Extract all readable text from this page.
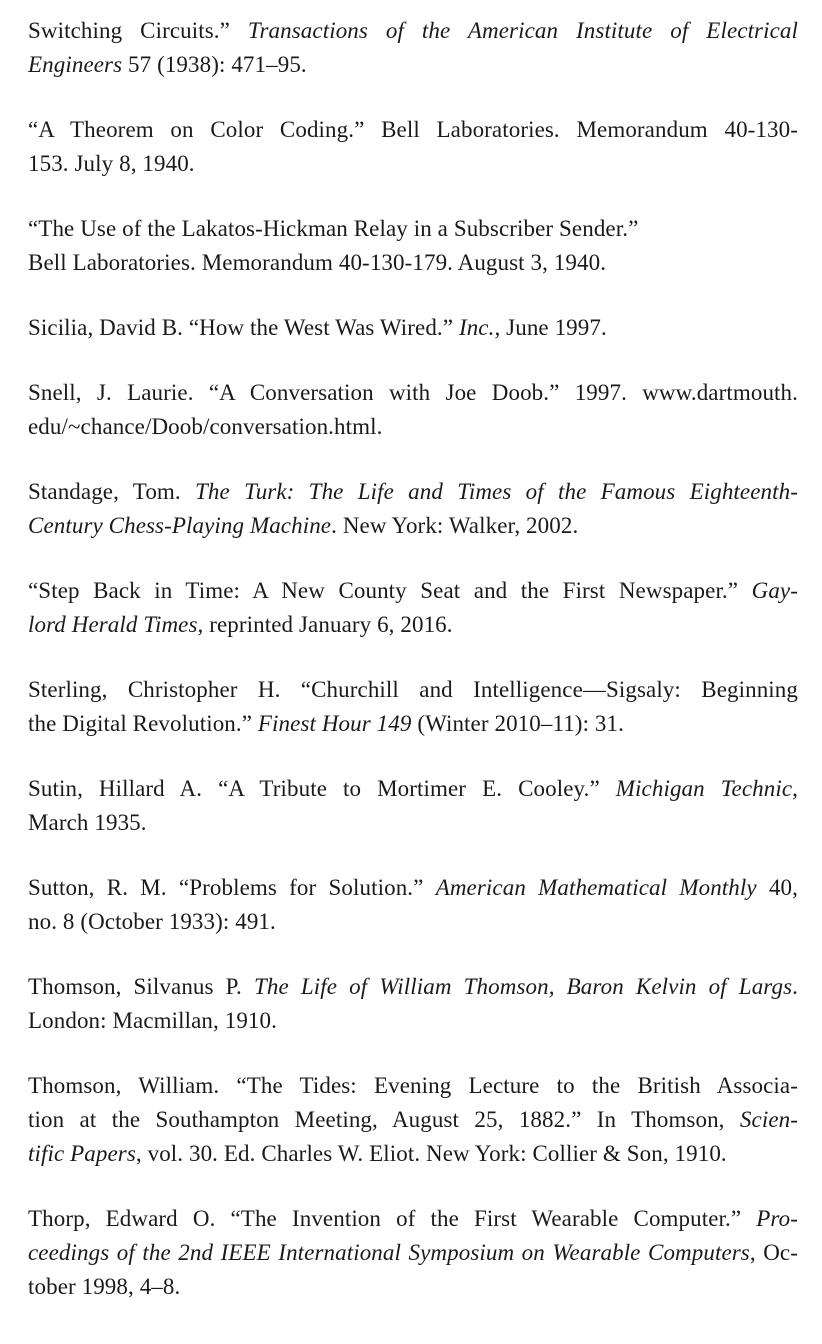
Switching Circuits.” Transactions of the American Institute of Electrical
Engineers 57 (1938): 471–95.
“A Theorem on Color Coding.” Bell Laboratories. Memorandum 40-130-
153. July 8, 1940.
“The Use of the Lakatos-Hickman Relay in a Subscriber Sender.”
Bell Laboratories. Memorandum 40-130-179. August 3, 1940.
Sicilia, David B. “How the West Was Wired.” Inc., June 1997.
Snell, J. Laurie. “A Conversation with Joe Doob.” 1997. www.dartmouth.
edu/~chance/Doob/conversation.html.
Standage, Tom. The Turk: The Life and Times of the Famous Eighteenth-
Century Chess-Playing Machine. New York: Walker, 2002.
“Step Back in Time: A New County Seat and the First Newspaper.” Gay-
lord Herald Times, reprinted January 6, 2016.
Sterling, Christopher H. “Churchill and Intelligence—Sigsaly: Beginning
the Digital Revolution.” Finest Hour 149 (Winter 2010–11): 31.
Sutin, Hillard A. “A Tribute to Mortimer E. Cooley.” Michigan Technic,
March 1935.
Sutton, R. M. “Problems for Solution.” American Mathematical Monthly 40,
no. 8 (October 1933): 491.
Thomson, Silvanus P. The Life of William Thomson, Baron Kelvin of Largs.
London: Macmillan, 1910.
Thomson, William. “The Tides: Evening Lecture to the British Associa-
tion at the Southampton Meeting, August 25, 1882.” In Thomson, Scien-
tific Papers, vol. 30. Ed. Charles W. Eliot. New York: Collier & Son, 1910.
Thorp, Edward O. “The Invention of the First Wearable Computer.” Pro-
ceedings of the 2nd IEEE International Symposium on Wearable Computers, Oc-
tober 1998, 4–8.
